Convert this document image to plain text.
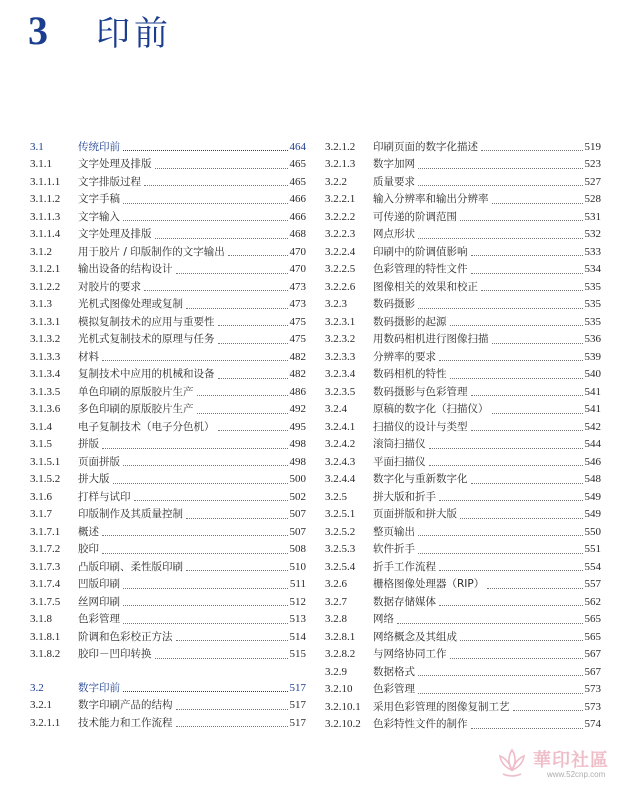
3	印前
3.1	传统印前	464
3.1.1	文字处理及排版	465
3.1.1.1	文字排版过程	465
3.1.1.2	文字手稿	466
3.1.1.3	文字输入	466
3.1.1.4	文字处理及排版	468
3.1.2	用于胶片 / 印版制作的文字输出	470
3.1.2.1	输出设备的结构设计	470
3.1.2.2	对胶片的要求	473
3.1.3	光机式图像处理或复制	473
3.1.3.1	模拟复制技术的应用与重要性	475
3.1.3.2	光机式复制技术的原理与任务	475
3.1.3.3	材料	482
3.1.3.4	复制技术中应用的机械和设备	482
3.1.3.5	单色印刷的原版胶片生产	486
3.1.3.6	多色印刷的原版胶片生产	492
3.1.4	电子复制技术（电子分色机）	495
3.1.5	拼版	498
3.1.5.1	页面拼版	498
3.1.5.2	拼大版	500
3.1.6	打样与试印	502
3.1.7	印版制作及其质量控制	507
3.1.7.1	概述	507
3.1.7.2	胶印	508
3.1.7.3	凸版印刷、柔性版印刷	510
3.1.7.4	凹版印刷	511
3.1.7.5	丝网印刷	512
3.1.8	色彩管理	513
3.1.8.1	阶调和色彩校正方法	514
3.1.8.2	胶印－凹印转换	515
3.2	数字印前	517
3.2.1	数字印刷产品的结构	517
3.2.1.1	技术能力和工作流程	517
3.2.1.2	印刷页面的数字化描述	519
3.2.1.3	数字加网	523
3.2.2	质量要求	527
3.2.2.1	输入分辨率和输出分辨率	528
3.2.2.2	可传递的阶调范围	531
3.2.2.3	网点形状	532
3.2.2.4	印刷中的阶调值影响	533
3.2.2.5	色彩管理的特性文件	534
3.2.2.6	图像相关的效果和校正	535
3.2.3	数码摄影	535
3.2.3.1	数码摄影的起源	535
3.2.3.2	用数码相机进行图像扫描	536
3.2.3.3	分辨率的要求	539
3.2.3.4	数码相机的特性	540
3.2.3.5	数码摄影与色彩管理	541
3.2.4	原稿的数字化（扫描仪）	541
3.2.4.1	扫描仪的设计与类型	542
3.2.4.2	滚筒扫描仪	544
3.2.4.3	平面扫描仪	546
3.2.4.4	数字化与重新数字化	548
3.2.5	拼大版和折手	549
3.2.5.1	页面拼版和拼大版	549
3.2.5.2	整页输出	550
3.2.5.3	软件折手	551
3.2.5.4	折手工作流程	554
3.2.6	栅格图像处理器（RIP）	557
3.2.7	数据存储媒体	562
3.2.8	网络	565
3.2.8.1	网络概念及其组成	565
3.2.8.2	与网络协同工作	567
3.2.9	数据格式	567
3.2.10	色彩管理	573
3.2.10.1	采用色彩管理的图像复制工艺	573
3.2.10.2	色彩特性文件的制作	574
華印社區
www.52cnp.com
